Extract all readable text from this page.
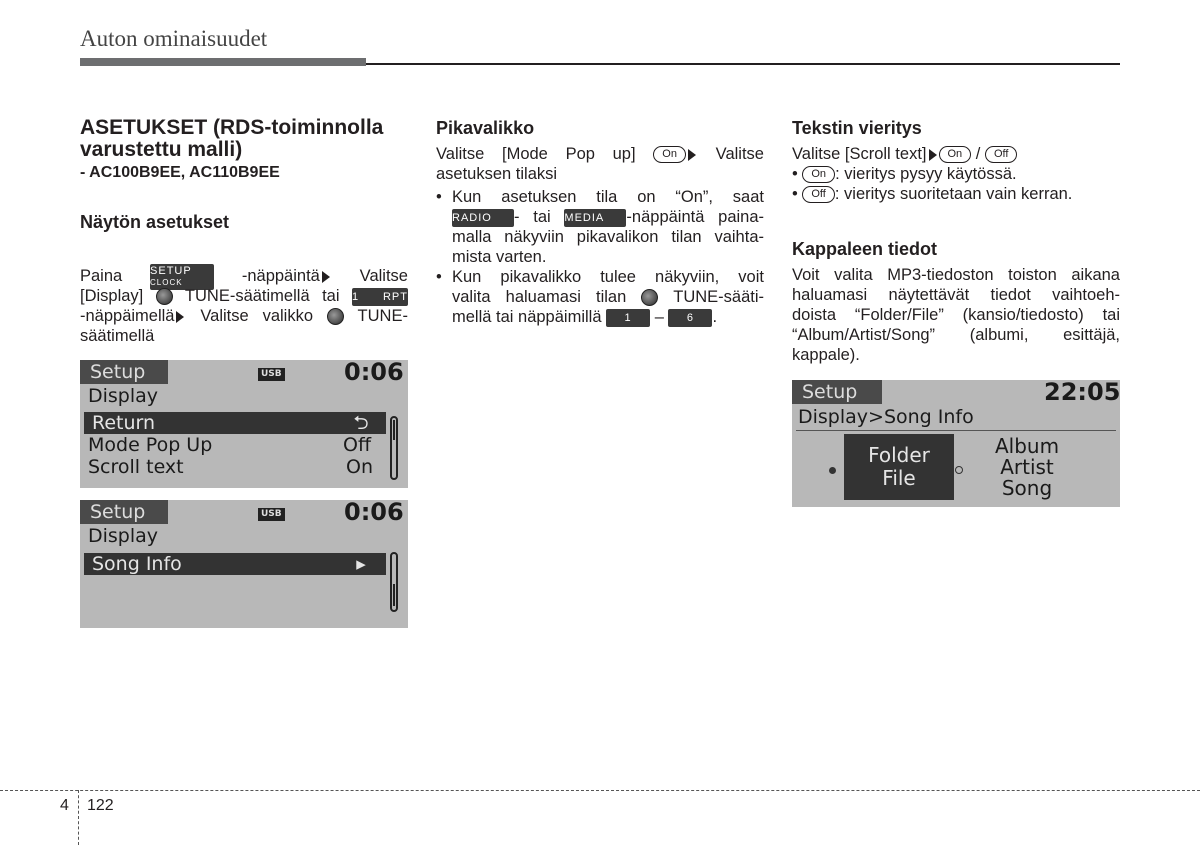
Auton ominaisuudet
ASETUKSET (RDS-toiminnolla
varustettu malli)
- AC100B9EE, AC110B9EE
Näytön asetukset
Paina	SETUP
CLOCK	-näppäintä Valitse
[Display]	TUNE-säätimellä tai 1 RPT
-näppäimellä Valitse valikko	TUNE-
säätimellä
Setup	USB	0:06
Display
Return	⮌
Mode Pop Up	Off
Scroll text	On
Setup	USB	0:06
Display
Song Info	▸
Pikavalikko
Valitse [Mode Pop up] On Valitse
asetuksen tilaksi
• Kun asetuksen tila on “On”, saat
RADIO - tai MEDIA -näppäintä paina-
malla näkyviin pikavalikon tilan vaihta-
mista varten.
• Kun pikavalikko tulee näkyviin, voit
valita haluamasi tilan	TUNE-sääti-
mellä tai näppäimillä 1 – 6 .
Tekstin vieritys
Valitse [Scroll text] On / Off
• On : vieritys pysyy käytössä.
• Off : vieritys suoritetaan vain kerran.
Kappaleen tiedot
Voit valita MP3-tiedoston toiston aikana
haluamasi näytettävät tiedot vaihtoeh-
doista “Folder/File” (kansio/tiedosto) tai
“Album/Artist/Song” (albumi, esittäjä,
kappale).
Setup	22:05
Display>Song Info
Folder
File
Album
Artist
Song
4 122
